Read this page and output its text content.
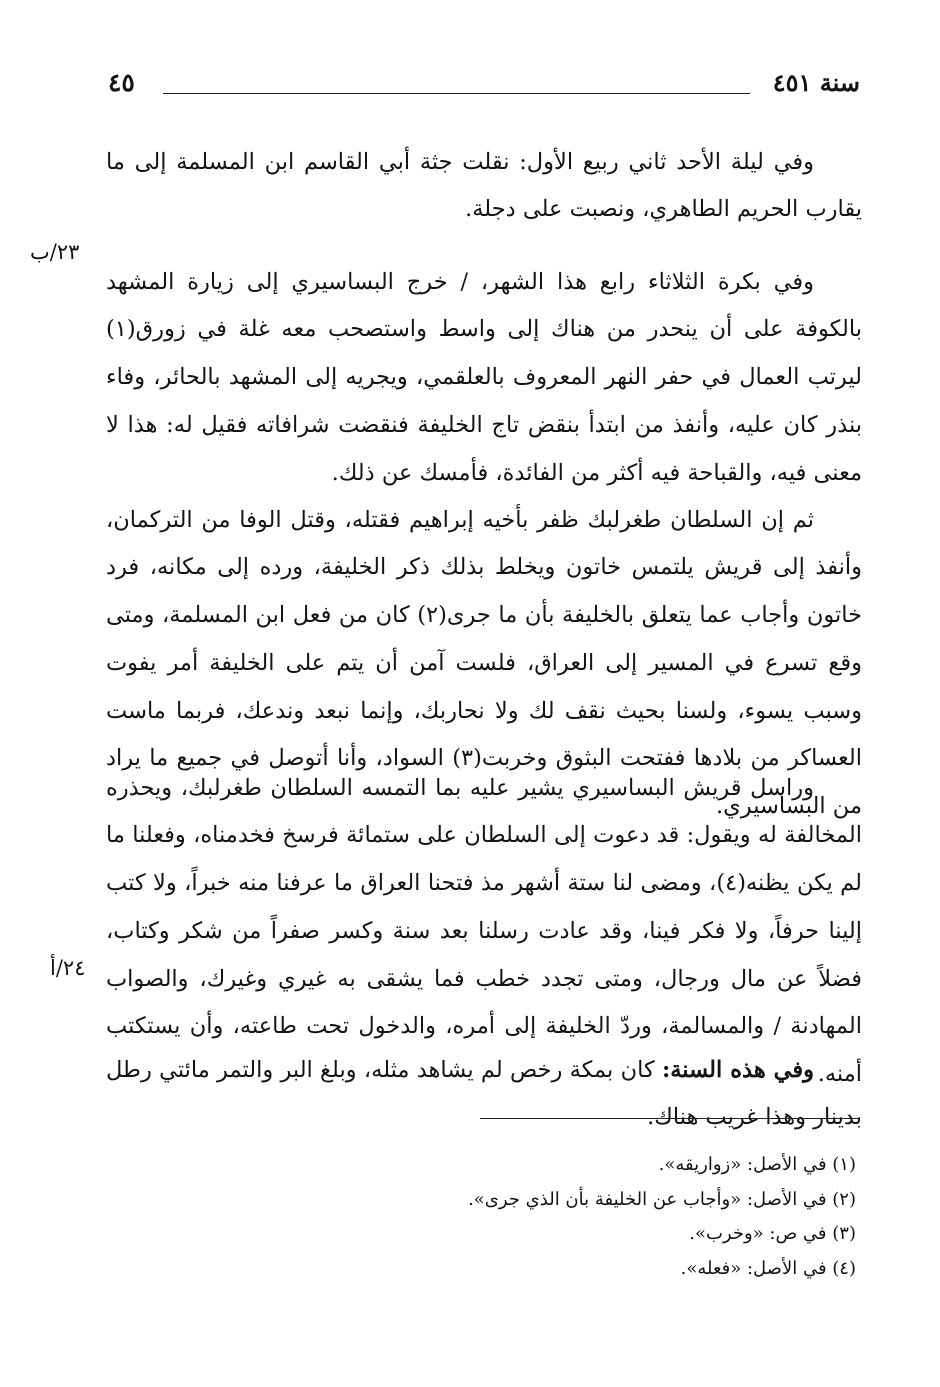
٤٥	سنة ٤٥١
٢٣/ب
٢٤/أ

وفي ليلة الأحد ثاني ربيع الأول: نقلت جثة أبي القاسم ابن المسلمة إلى ما يقارب الحريم الطاهري، ونصبت على دجلة.

وفي بكرة الثلاثاء رابع هذا الشهر، / خرج البساسيري إلى زيارة المشهد بالكوفة على أن ينحدر من هناك إلى واسط واستصحب معه غلة في زورق(١) ليرتب العمال في حفر النهر المعروف بالعلقمي، ويجريه إلى المشهد بالحائر، وفاء بنذر كان عليه، وأنفذ من ابتدأ بنقض تاج الخليفة فنقضت شرافاته فقيل له: هذا لا معنى فيه، والقباحة فيه أكثر من الفائدة، فأمسك عن ذلك.

ثم إن السلطان طغرلبك ظفر بأخيه إبراهيم فقتله، وقتل الوفا من التركمان، وأنفذ إلى قريش يلتمس خاتون ويخلط بذلك ذكر الخليفة، ورده إلى مكانه، فرد خاتون وأجاب عما يتعلق بالخليفة بأن ما جرى(٢) كان من فعل ابن المسلمة، ومتى وقع تسرع في المسير إلى العراق، فلست آمن أن يتم على الخليفة أمر يفوت وسبب يسوء، ولسنا بحيث نقف لك ولا نحاربك، وإنما نبعد وندعك، فربما ماست العساكر من بلادها ففتحت البثوق وخربت(٣) السواد، وأنا أتوصل في جميع ما يراد من البساسيري.

وراسل قريش البساسيري يشير عليه بما التمسه السلطان طغرلبك، ويحذره المخالفة له ويقول: قد دعوت إلى السلطان على ستمائة فرسخ فخدمناه، وفعلنا ما لم يكن يظنه(٤)، ومضى لنا ستة أشهر مذ فتحنا العراق ما عرفنا منه خبراً، ولا كتب إلينا حرفاً، ولا فكر فينا، وقد عادت رسلنا بعد سنة وكسر صفراً من شكر وكتاب، فضلاً عن مال ورجال، ومتى تجدد خطب فما يشقى به غيري وغيرك، والصواب المهادنة / والمسالمة، وردّ الخليفة إلى أمره، والدخول تحت طاعته، وأن يستكتب أمنه.

وفي هذه السنة: كان بمكة رخص لم يشاهد مثله، وبلغ البر والتمر مائتي رطل بدينار وهذا غريب هناك.

(١) في الأصل: «زواريقه».
(٢) في الأصل: «وأجاب عن الخليفة بأن الذي جرى».
(٣) في ص: «وخرب».
(٤) في الأصل: «فعله».
